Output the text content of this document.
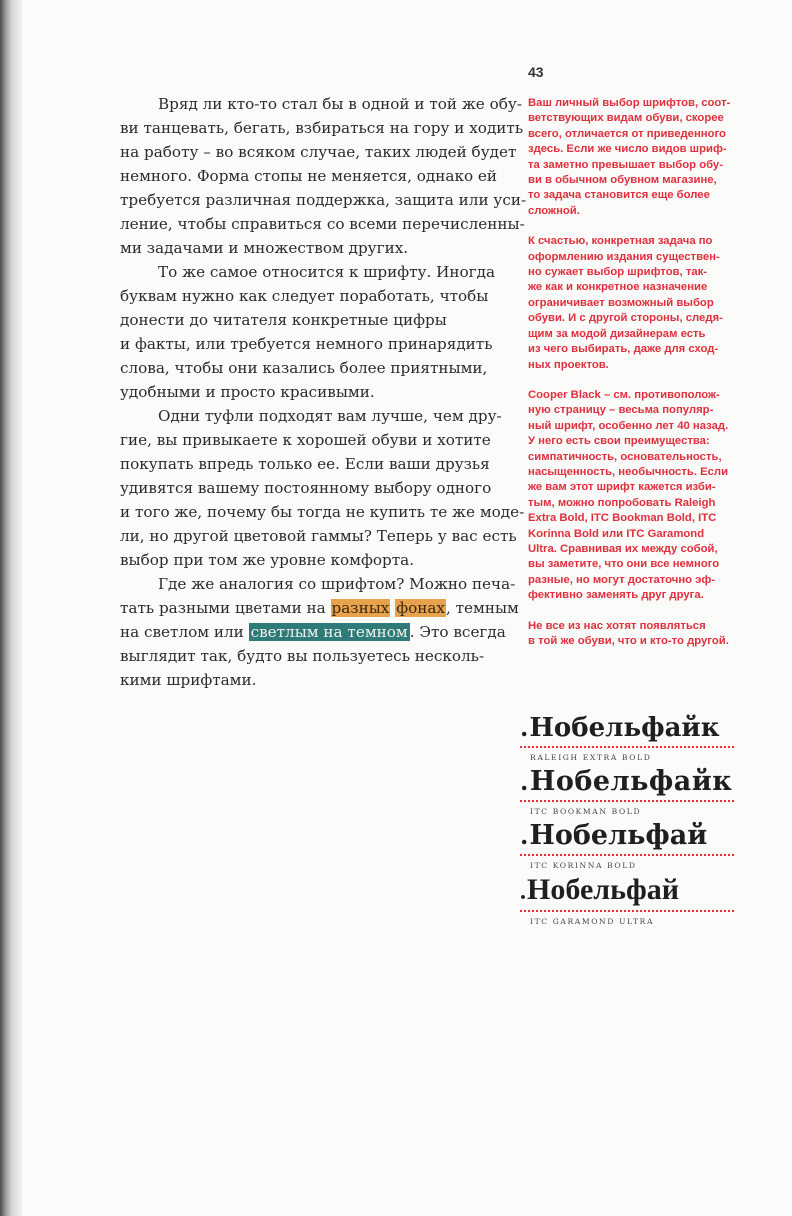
43
Вряд ли кто-то стал бы в одной и той же обу-
ви танцевать, бегать, взбираться на гору и ходить
на работу – во всяком случае, таких людей будет
немного. Форма стопы не меняется, однако ей
требуется различная поддержка, защита или уси-
ление, чтобы справиться со всеми перечисленны-
ми задачами и множеством других.
То же самое относится к шрифту. Иногда
буквам нужно как следует поработать, чтобы
донести до читателя конкретные цифры
и факты, или требуется немного принарядить
слова, чтобы они казались более приятными,
удобными и просто красивыми.
Одни туфли подходят вам лучше, чем дру-
гие, вы привыкаете к хорошей обуви и хотите
покупать впредь только ее. Если ваши друзья
удивятся вашему постоянному выбору одного
и того же, почему бы тогда не купить те же моде-
ли, но другой цветовой гаммы? Теперь у вас есть
выбор при том же уровне комфорта.
Где же аналогия со шрифтом? Можно печа-
тать разными цветами на разных фонах, темным
на светлом или светлым на темном . Это всегда
выглядит так, будто вы пользуетесь несколь-
кими шрифтами.
Ваш личный выбор шрифтов, соот-
ветствующих видам обуви, скорее
всего, отличается от приведенного
здесь. Если же число видов шриф-
та заметно превышает выбор обу-
ви в обычном обувном магазине,
то задача становится еще более
сложной.
К счастью, конкретная задача по
оформлению издания существен-
но сужает выбор шрифтов, так-
же как и конкретное назначение
ограничивает возможный выбор
обуви. И с другой стороны, следя-
щим за модой дизайнерам есть
из чего выбирать, даже для сход-
ных проектов.
Cooper Black – см. противополож-
ную страницу – весьма популяр-
ный шрифт, особенно лет 40 назад.
У него есть свои преимущества:
симпатичность, основательность,
насыщенность, необычность. Если
же вам этот шрифт кажется изби-
тым, можно попробовать Raleigh
Extra Bold, ITC Bookman Bold, ITC
Korinna Bold или ITC Garamond
Ultra. Сравнивая их между собой,
вы заметите, что они все немного
разные, но могут достаточно эф-
фективно заменять друг друга.
Не все из нас хотят появляться
в той же обуви, что и кто-то другой.
.Нобельфайк
RALEIGH EXTRA BOLD
.Нобельфайк
ITC BOOKMAN BOLD
.Нобельфай
ITC KORINNA BOLD
.Нобельфай
ITC GARAMOND ULTRA
